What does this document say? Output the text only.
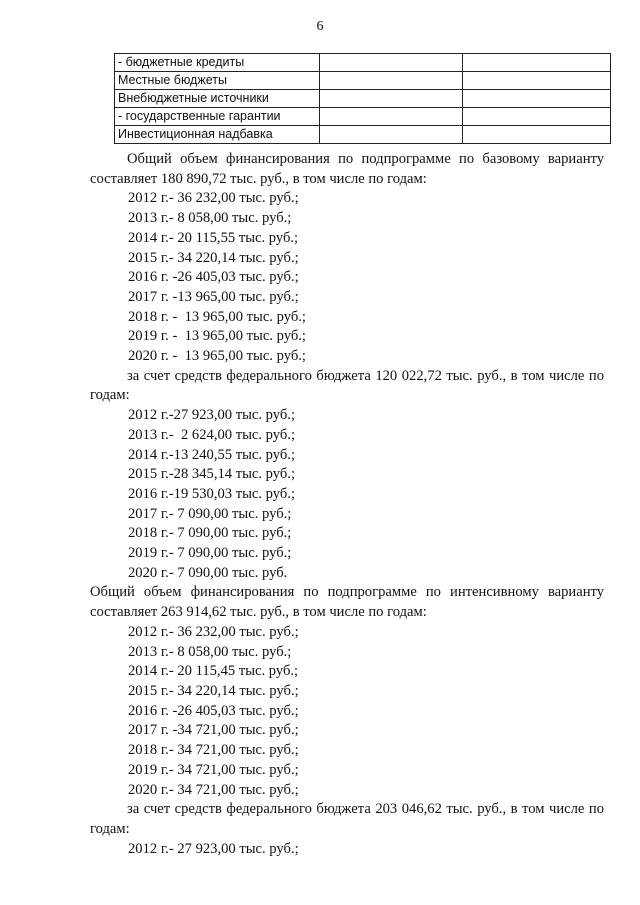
6
- бюджетные кредиты		
Местные бюджеты		
Внебюджетные источники		
- государственные гарантии		
Инвестиционная надбавка		

Общий объем финансирования по подпрограмме по базовому варианту составляет 180 890,72 тыс. руб., в том числе по годам:

2012 г.- 36 232,00 тыс. руб.;
2013 г.- 8 058,00 тыс. руб.;
2014 г.- 20 115,55 тыс. руб.;
2015 г.- 34 220,14 тыс. руб.;
2016 г. -26 405,03 тыс. руб.;
2017 г. -13 965,00 тыс. руб.;
2018 г. -  13 965,00 тыс. руб.;
2019 г. -  13 965,00 тыс. руб.;
2020 г. -  13 965,00 тыс. руб.;

за счет средств федерального бюджета 120 022,72 тыс. руб., в том числе по годам:

2012 г.-27 923,00 тыс. руб.;
2013 г.-  2 624,00 тыс. руб.;
2014 г.-13 240,55 тыс. руб.;
2015 г.-28 345,14 тыс. руб.;
2016 г.-19 530,03 тыс. руб.;
2017 г.- 7 090,00 тыс. руб.;
2018 г.- 7 090,00 тыс. руб.;
2019 г.- 7 090,00 тыс. руб.;
2020 г.- 7 090,00 тыс. руб.

Общий объем финансирования по подпрограмме по интенсивному варианту составляет 263 914,62 тыс. руб., в том числе по годам:

2012 г.- 36 232,00 тыс. руб.;
2013 г.- 8 058,00 тыс. руб.;
2014 г.- 20 115,45 тыс. руб.;
2015 г.- 34 220,14 тыс. руб.;
2016 г. -26 405,03 тыс. руб.;
2017 г. -34 721,00 тыс. руб.;
2018 г.- 34 721,00 тыс. руб.;
2019 г.- 34 721,00 тыс. руб.;
2020 г.- 34 721,00 тыс. руб.;

за счет средств федерального бюджета 203 046,62 тыс. руб., в том числе по годам:

2012 г.- 27 923,00 тыс. руб.;
